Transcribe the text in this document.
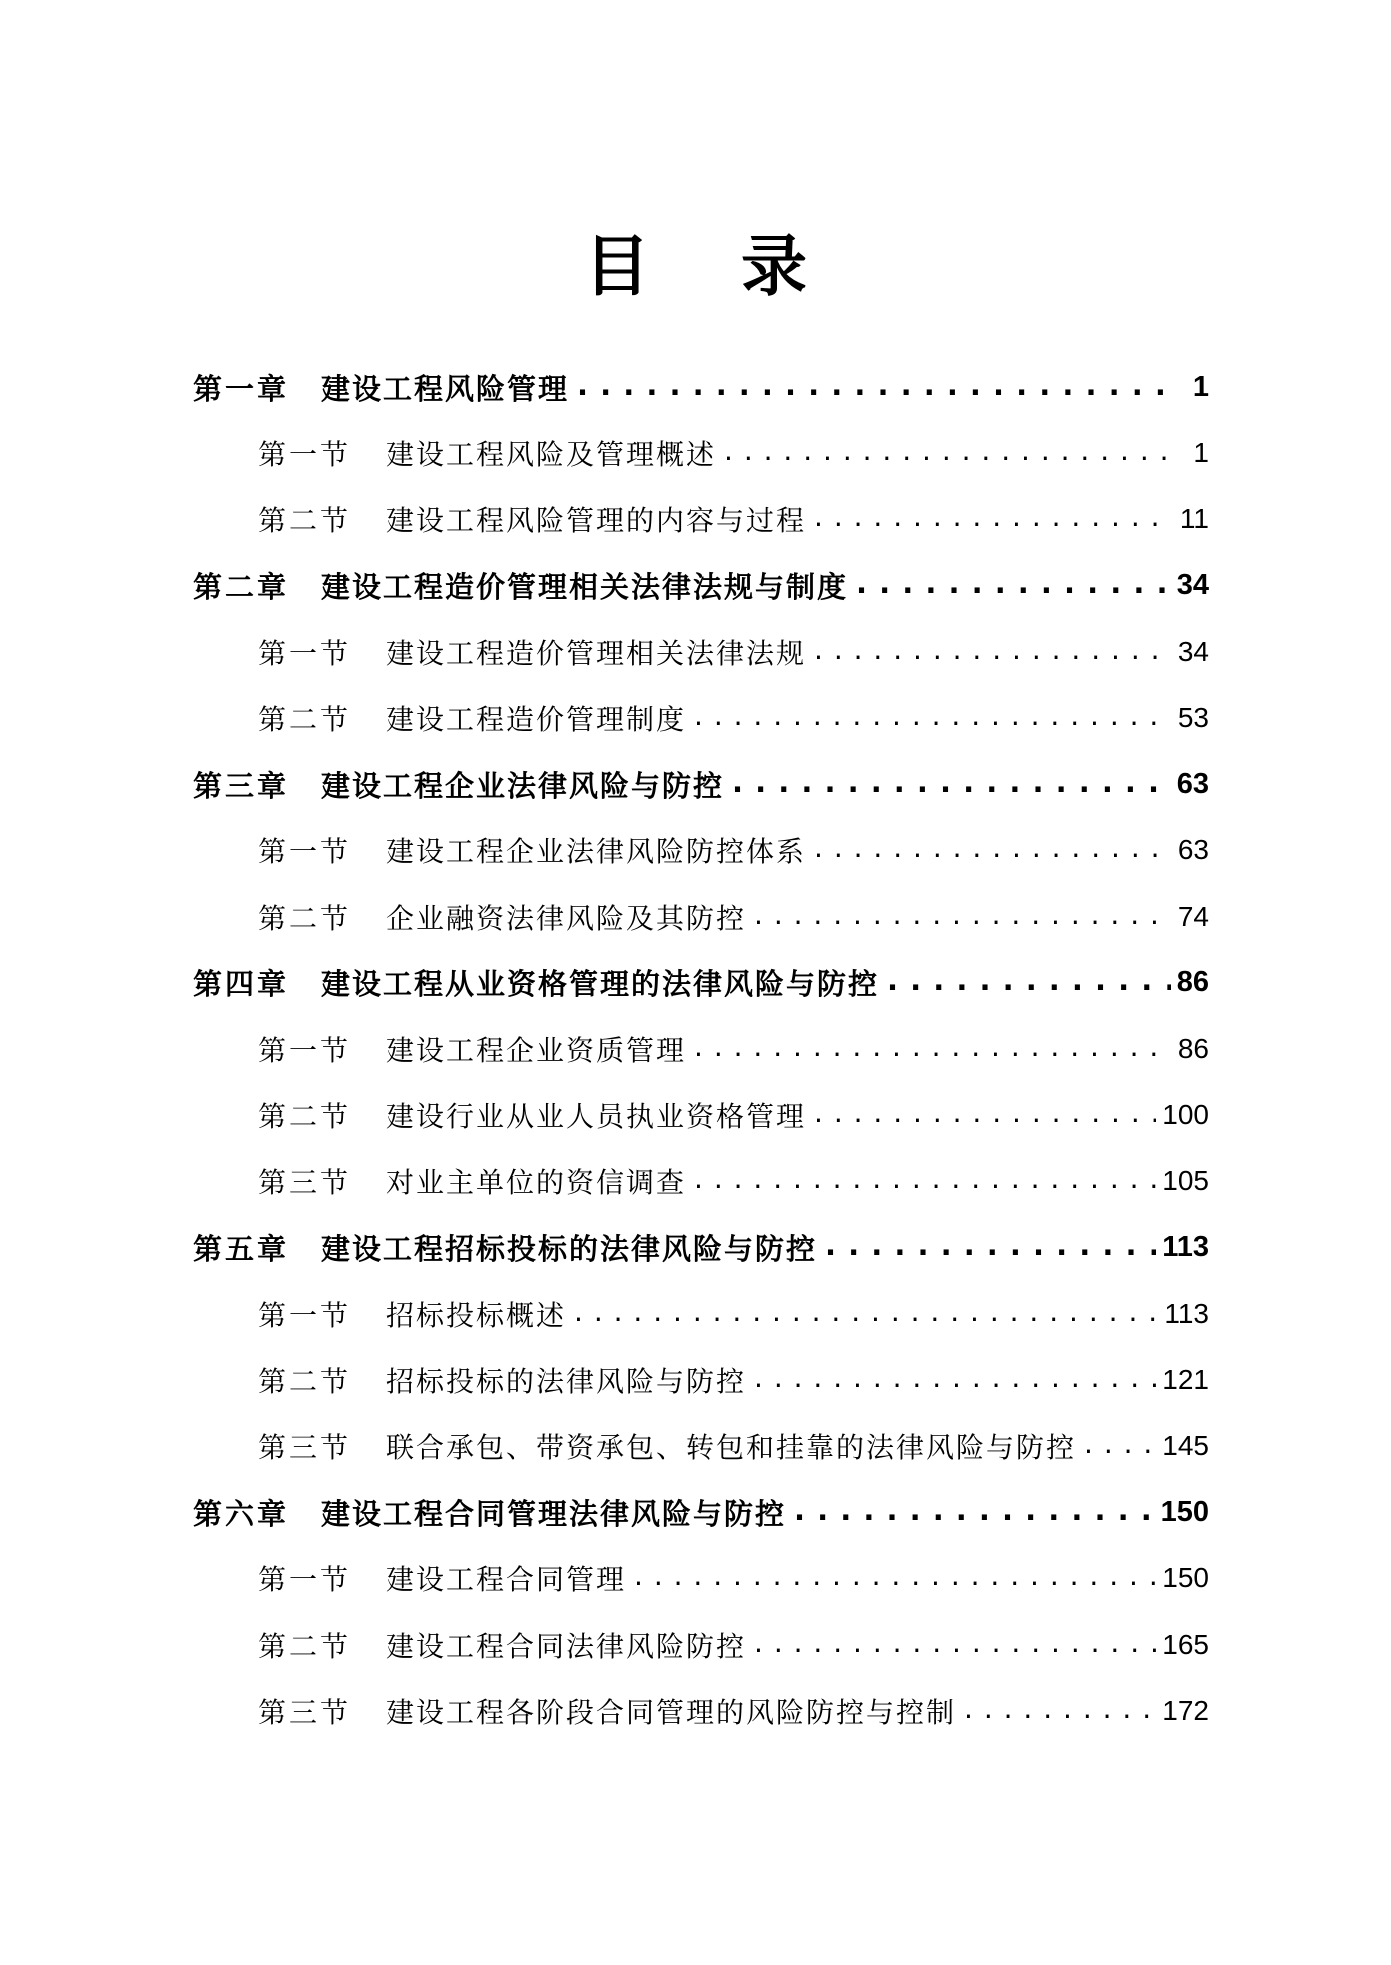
目 录
第一章	建设工程风险管理 . . .	1
第一节	建设工程风险及管理概述 . . .	1
第二节	建设工程风险管理的内容与过程 . . .	11
第二章	建设工程造价管理相关法律法规与制度 . . .	34
第一节	建设工程造价管理相关法律法规 . . .	34
第二节	建设工程造价管理制度 . . .	53
第三章	建设工程企业法律风险与防控 . . .	63
第一节	建设工程企业法律风险防控体系 . . .	63
第二节	企业融资法律风险及其防控 . . .	74
第四章	建设工程从业资格管理的法律风险与防控 . . .	86
第一节	建设工程企业资质管理 . . .	86
第二节	建设行业从业人员执业资格管理 . . .	100
第三节	对业主单位的资信调查 . . .	105
第五章	建设工程招标投标的法律风险与防控 . . .	113
第一节	招标投标概述 . . .	113
第二节	招标投标的法律风险与防控 . . .	121
第三节	联合承包、带资承包、转包和挂靠的法律风险与防控 . . .	145
第六章	建设工程合同管理法律风险与防控 . . .	150
第一节	建设工程合同管理 . . .	150
第二节	建设工程合同法律风险防控 . . .	165
第三节	建设工程各阶段合同管理的风险防控与控制 . . .	172
